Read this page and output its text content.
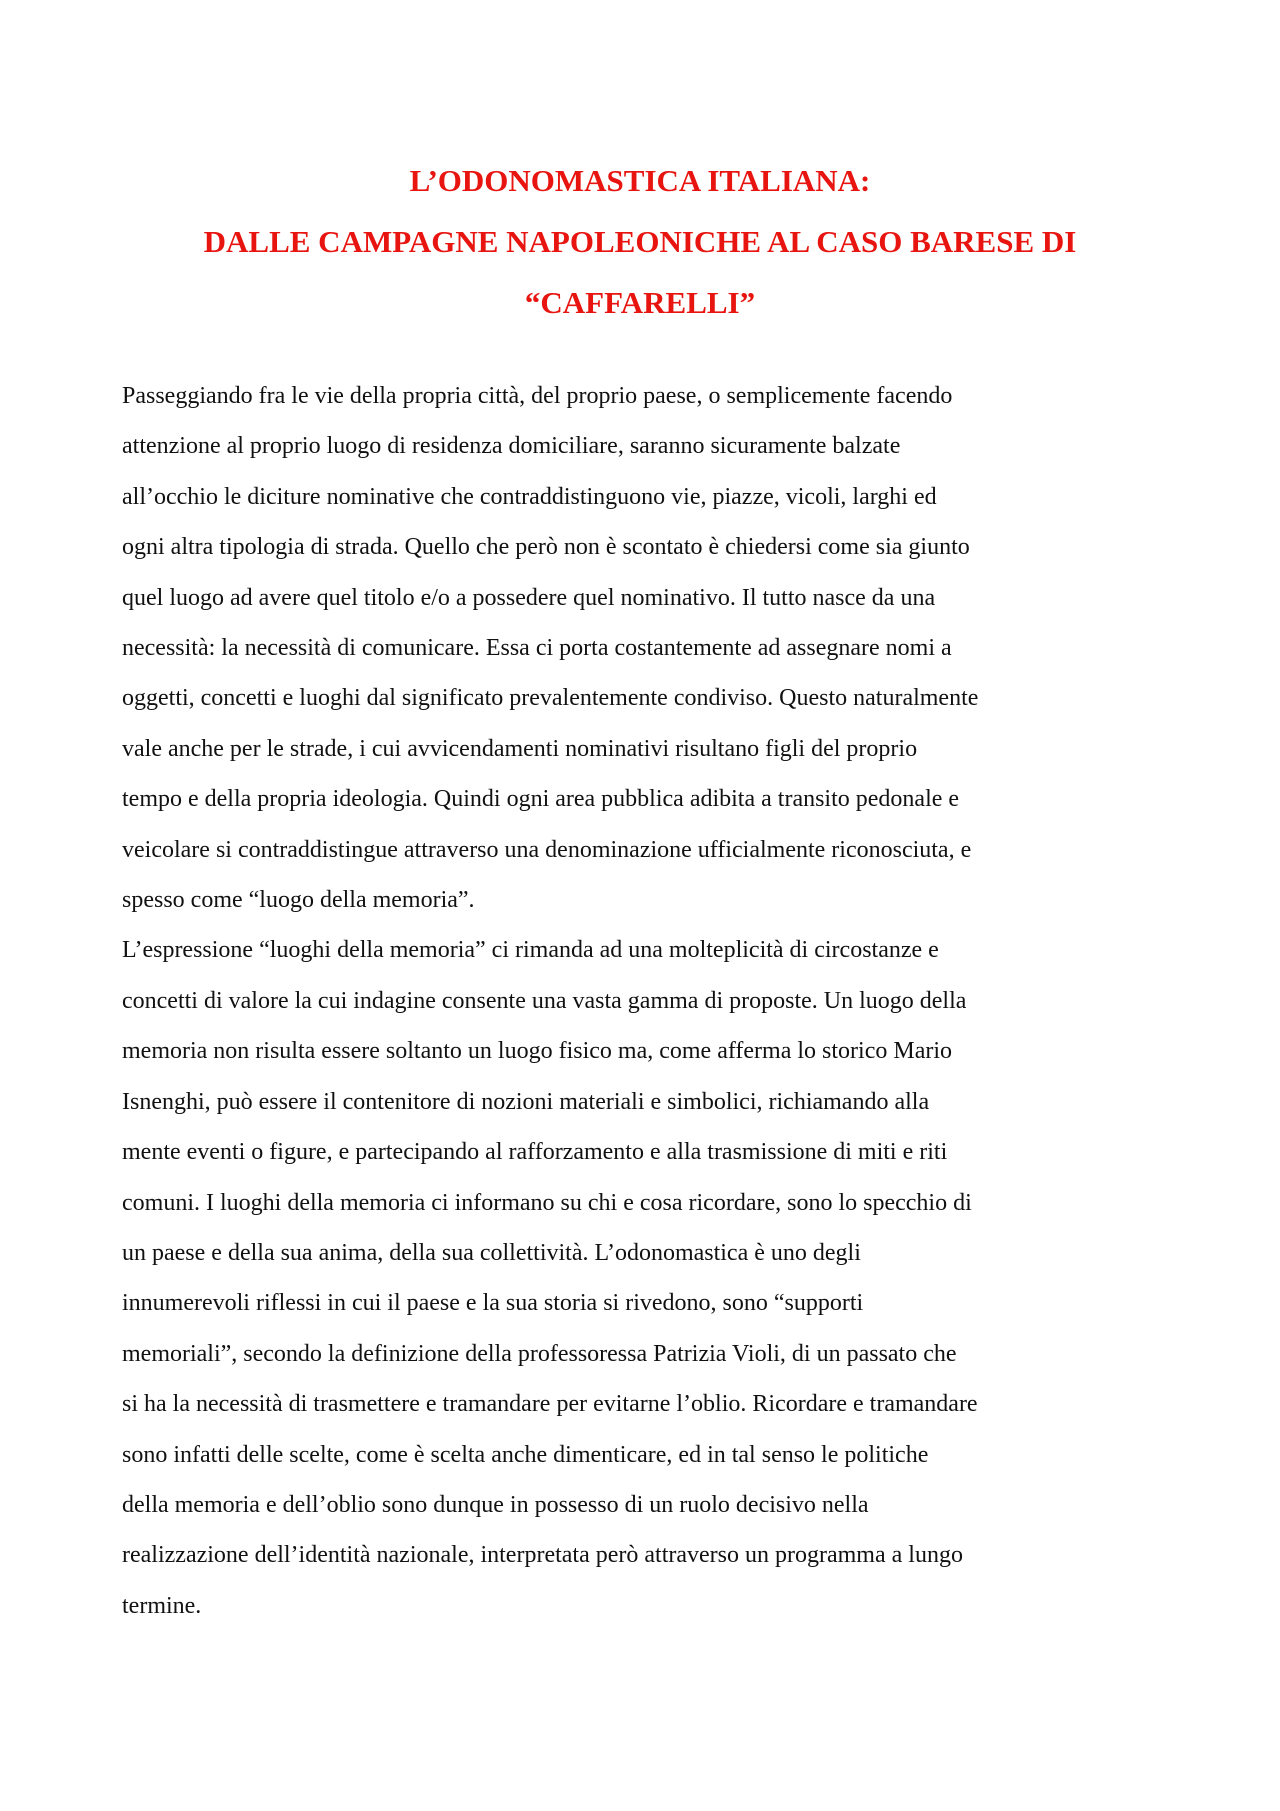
L’ODONOMASTICA ITALIANA:
DALLE CAMPAGNE NAPOLEONICHE AL CASO BARESE DI
“CAFFARELLI”
Passeggiando fra le vie della propria città, del proprio paese, o semplicemente facendo
attenzione al proprio luogo di residenza domiciliare, saranno sicuramente balzate
all’occhio le diciture nominative che contraddistinguono vie, piazze, vicoli, larghi ed
ogni altra tipologia di strada. Quello che però non è scontato è chiedersi come sia giunto
quel luogo ad avere quel titolo e/o a possedere quel nominativo. Il tutto nasce da una
necessità: la necessità di comunicare. Essa ci porta costantemente ad assegnare nomi a
oggetti, concetti e luoghi dal significato prevalentemente condiviso. Questo naturalmente
vale anche per le strade, i cui avvicendamenti nominativi risultano figli del proprio
tempo e della propria ideologia. Quindi ogni area pubblica adibita a transito pedonale e
veicolare si contraddistingue attraverso una denominazione ufficialmente riconosciuta, e
spesso come “luogo della memoria”.
L’espressione “luoghi della memoria” ci rimanda ad una molteplicità di circostanze e
concetti di valore la cui indagine consente una vasta gamma di proposte. Un luogo della
memoria non risulta essere soltanto un luogo fisico ma, come afferma lo storico Mario
Isnenghi, può essere il contenitore di nozioni materiali e simbolici, richiamando alla
mente eventi o figure, e partecipando al rafforzamento e alla trasmissione di miti e riti
comuni. I luoghi della memoria ci informano su chi e cosa ricordare, sono lo specchio di
un paese e della sua anima, della sua collettività. L’odonomastica è uno degli
innumerevoli riflessi in cui il paese e la sua storia si rivedono, sono “supporti
memoriali”, secondo la definizione della professoressa Patrizia Violi, di un passato che
si ha la necessità di trasmettere e tramandare per evitarne l’oblio. Ricordare e tramandare
sono infatti delle scelte, come è scelta anche dimenticare, ed in tal senso le politiche
della memoria e dell’oblio sono dunque in possesso di un ruolo decisivo nella
realizzazione dell’identità nazionale, interpretata però attraverso un programma a lungo
termine.
